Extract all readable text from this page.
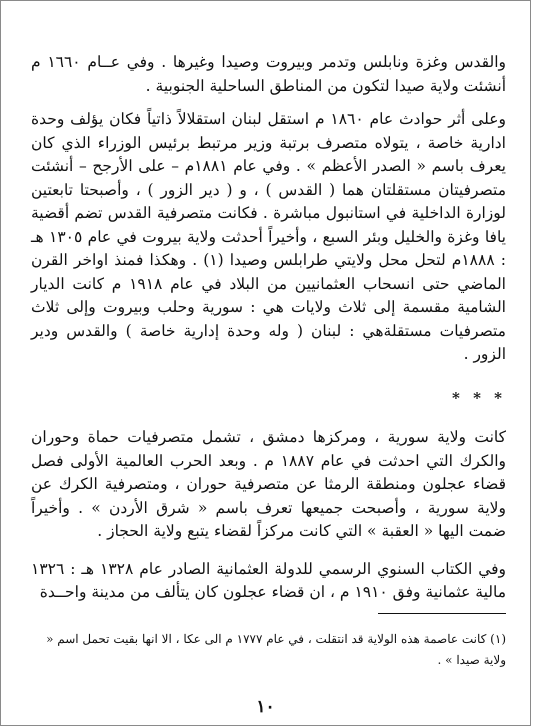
والقدس وغزة ونابلس وتدمر وبيروت وصيدا وغيرها . وفي عــام ١٦٦٠ م أنشئت ولاية صيدا لتكون من المناطق الساحلية الجنوبية .

وعلى أثر حوادث عام ١٨٦٠ م استقل لبنان استقلالاً ذاتياً فكان يؤلف وحدة ادارية خاصة ، يتولاه متصرف برتبة وزير مرتبط برئيس الوزراء الذي كان يعرف باسم « الصدر الأعظم » . وفي عام ١٨٨١م – على الأرجح – أنشئت متصرفيتان مستقلتان هما ( القدس ) ، و ( دير الزور ) ، وأصبحتا تابعتين لوزارة الداخلية في استانبول مباشرة . فكانت متصرفية القدس تضم أقضية يافا وغزة والخليل وبئر السبع ، وأخيراً أحدثت ولاية بيروت في عام ١٣٠٥ هـ : ١٨٨٨م لتحل محل ولايتي طرابلس وصيدا (١) . وهكذا فمنذ اواخر القرن الماضي حتى انسحاب العثمانيين من البلاد في عام ١٩١٨ م كانت الديار الشامية مقسمة إلى ثلاث ولايات هي : سورية وحلب وبيروت وإلى ثلاث متصرفيات مستقلةهي : لبنان ( وله وحدة إدارية خاصة ) والقدس ودير الزور .

* * *

كانت ولاية سورية ، ومركزها دمشق ، تشمل متصرفيات حماة وحوران والكرك التي احدثت في عام ١٨٨٧ م . وبعد الحرب العالمية الأولى فصل قضاء عجلون ومنطقة الرمثا عن متصرفية حوران ، ومتصرفية الكرك عن ولاية سورية ، وأصبحت جميعها تعرف باسم « شرق الأردن » . وأخيراً ضمت اليها « العقبة » التي كانت مركزاً لقضاء يتبع ولاية الحجاز .

وفي الكتاب السنوي الرسمي للدولة العثمانية الصادر عام ١٣٢٨ هـ : ١٣٢٦ مالية عثمانية وفق ١٩١٠ م ، ان قضاء عجلون كان يتألف من مدينة واحــدة

(١) كانت عاصمة هذه الولاية قد انتقلت ، في عام ١٧٧٧ م الى عكا ، الا انها بقيت تحمل اسم « ولاية صيدا » .
١٠
